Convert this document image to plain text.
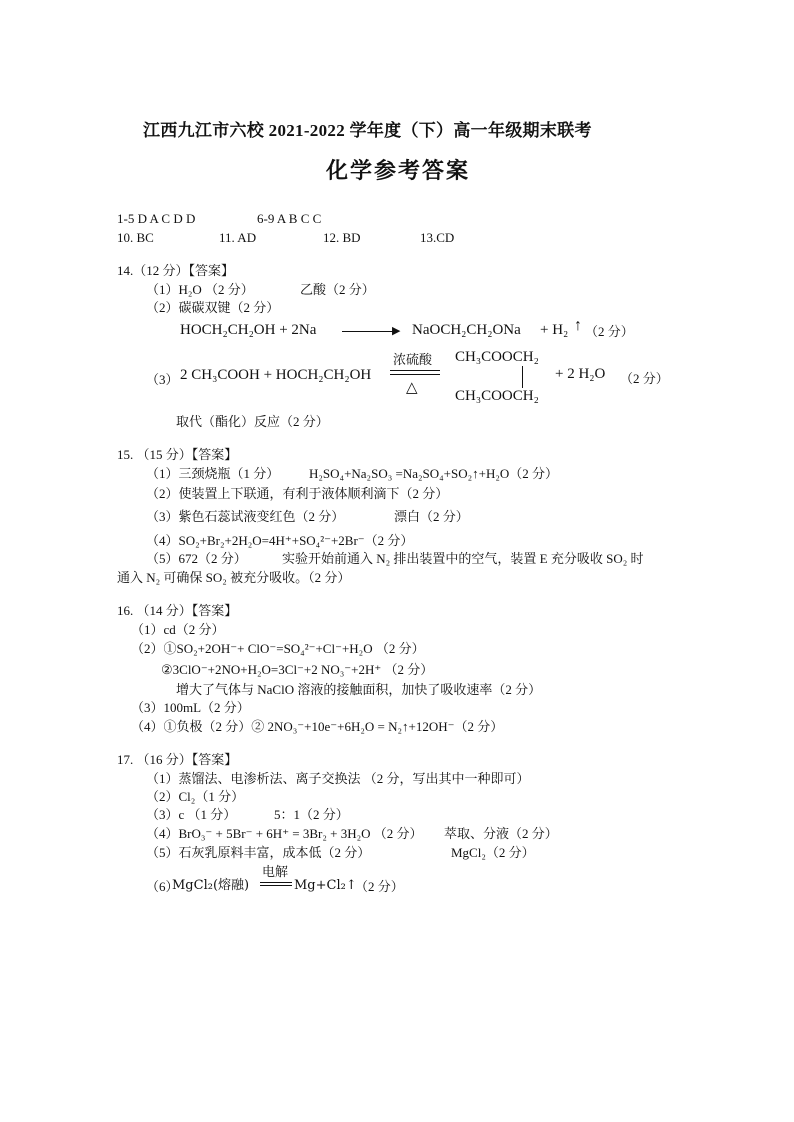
江西九江市六校 2021-2022 学年度（下）高一年级期末联考
化学参考答案
1-5 D A C D D	6-9 A B C C
10. BC	11. AD	12. BD	13.CD
14.（12 分）【答案】
（1）H₂O （2 分）	乙酸（2 分）
（2）碳碳双键（2 分）
HOCH₂CH₂OH + 2Na	▶ NaOCH₂CH₂ONa + H₂ ↑ （2 分）
（3） 2 CH₃COOH + HOCH₂CH₂OH
浓硫酸
△
CH₃COOCH₂
CH₃COOCH₂
+ 2 H₂O （2 分）
取代（酯化）反应（2 分）
15. （15 分）【答案】
（1）三颈烧瓶（1 分） H₂SO₄+Na₂SO₃ =Na₂SO₄+SO₂↑+H₂O（2 分）
（2）使装置上下联通，有利于液体顺利滴下（2 分）
（3）紫色石蕊试液变红色（2 分）	漂白（2 分）
（4）SO₂+Br₂+2H₂O=4H⁺+SO₄²⁻+2Br⁻（2 分）
（5）672（2 分）	实验开始前通入 N₂ 排出装置中的空气，装置 E 充分吸收 SO₂ 时
通入 N₂ 可确保 SO₂ 被充分吸收。（2 分）
16. （14 分）【答案】
（1）cd（2 分）
（2）①SO₂+2OH⁻+ ClO⁻=SO₄²⁻+Cl⁻+H₂O （2 分）
②3ClO⁻+2NO+H₂O=3Cl⁻+2 NO₃⁻+2H⁺ （2 分）
增大了气体与 NaClO 溶液的接触面积，加快了吸收速率（2 分）
（3）100mL（2 分）
（4）①负极（2 分）② 2NO₃⁻+10e⁻+6H₂O = N₂↑+12OH⁻（2 分）
17. （16 分）【答案】
（1）蒸馏法、电渗析法、离子交换法 （2 分，写出其中一种即可）
（2）Cl₂（1 分）
（3）c （1 分）	5：1（2 分）
（4）BrO₃⁻ + 5Br⁻ + 6H⁺ = 3Br₂ + 3H₂O （2 分） 萃取、分液（2 分）
（5）石灰乳原料丰富，成本低（2 分）	MgCl₂（2 分）
（6）
MgCl₂(熔融)
电解
Mg+Cl₂↑
（2 分）
